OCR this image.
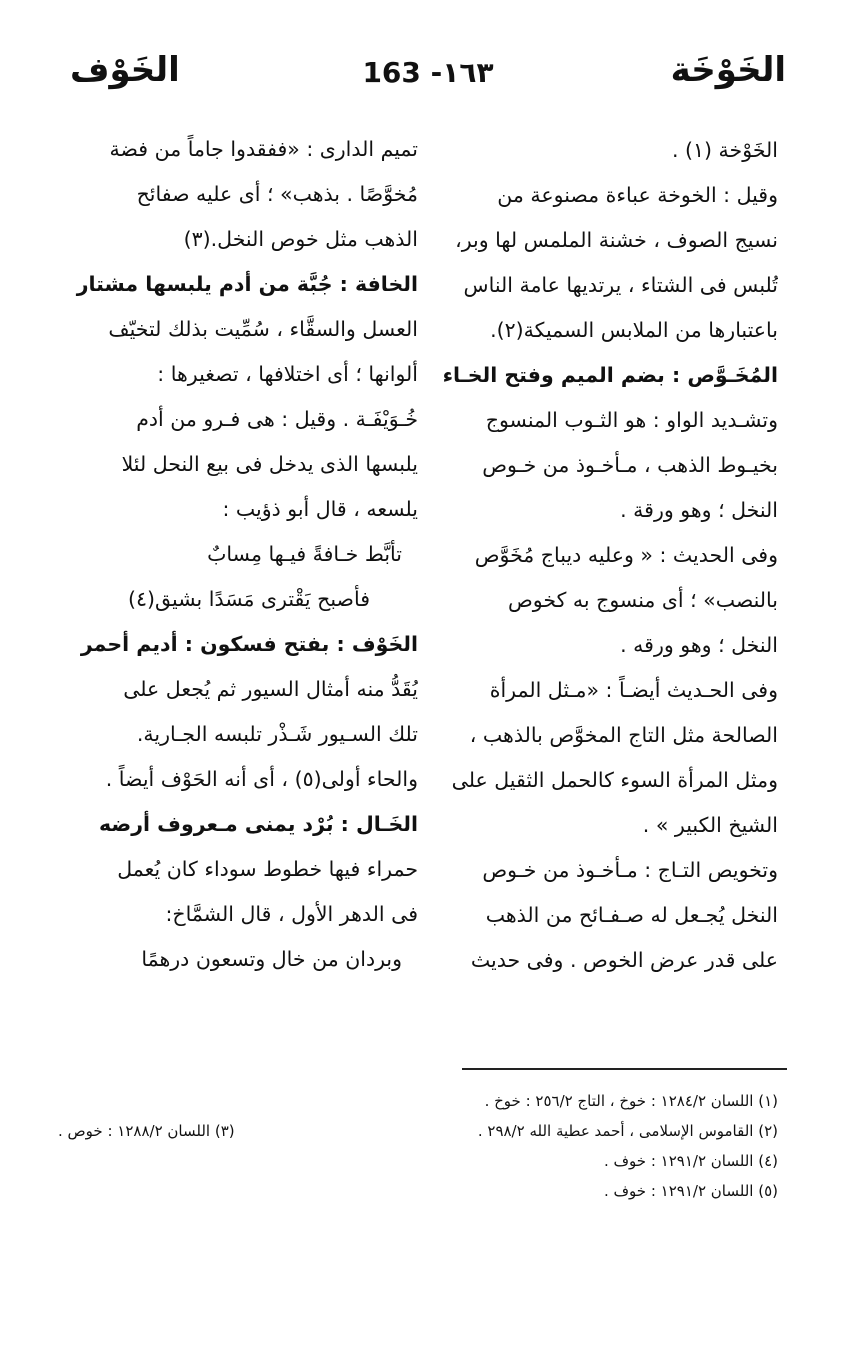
الخَوْخَة
163 -١٦٣
الخَوْف
الخَوْخة (١) .
وقيل : الخوخة عباءة مصنوعة من
نسيج الصوف ، خشنة الملمس لها وبر،
تُلبس فى الشتاء ، يرتديها عامة الناس
باعتبارها من الملابس السميكة(٢).
المُخَـوَّص : بضم الميم وفتح الخـاء
وتشـديد الواو : هو الثـوب المنسوج
بخيـوط الذهب ، مـأخـوذ من خـوص
النخل ؛ وهو ورقة .
وفى الحديث : « وعليه ديباج مُخَوَّص
بالنصب» ؛ أى منسوج به كخوص
النخل ؛ وهو ورقه .
وفى الحـديث أيضـاً : «مـثل المرأة
الصالحة مثل التاج المخوَّص بالذهب ،
ومثل المرأة السوء كالحمل الثقيل على
الشيخ الكبير » .
وتخويص التـاج : مـأخـوذ من خـوص
النخل يُجـعل له صـفـائح من الذهب
على قدر عرض الخوص . وفى حديث
تميم الدارى : «ففقدوا جاماً من فضة
مُخوَّصًا . بذهب» ؛ أى عليه صفائح
الذهب مثل خوص النخل.(٣)
الخافة : جُبَّة من أدم يلبسها مشتار
العسل والسقَّاء ، سُمِّيت بذلك لتخيّف
ألوانها ؛ أى اختلافها ، تصغيرها :
خُـوَيْفَـة . وقيل : هى فـرو من أدم
يلبسها الذى يدخل فى بيع النحل لئلا
يلسعه ، قال أبو ذؤيب :
تأبَّط خـافةً فيـها مِسابٌ
فأصبح يَقْترى مَسَدًا بشيق(٤)
الخَوْف : بفتح فسكون : أديم أحمر
يُقَدُّ منه أمثال السيور ثم يُجعل على
تلك السـيور شَـذْر تلبسه الجـارية.
والحاء أولى(٥) ، أى أنه الحَوْف أيضاً .
الخَـال : بُرْد يمنى مـعروف أرضه
حمراء فيها خطوط سوداء كان يُعمل
فى الدهر الأول ، قال الشمَّاخ:
وبردان من خال وتسعون درهمًا
(١) اللسان ١٢٨٤/٢ : خوخ ، التاج ٢٥٦/٢ : خوخ .
(٢) القاموس الإسلامى ، أحمد عطية الله ٢٩٨/٢ .
(٣) اللسان ١٢٨٨/٢ : خوص .
(٤) اللسان ١٢٩١/٢ : خوف .
(٥) اللسان ١٢٩١/٢ : خوف .
